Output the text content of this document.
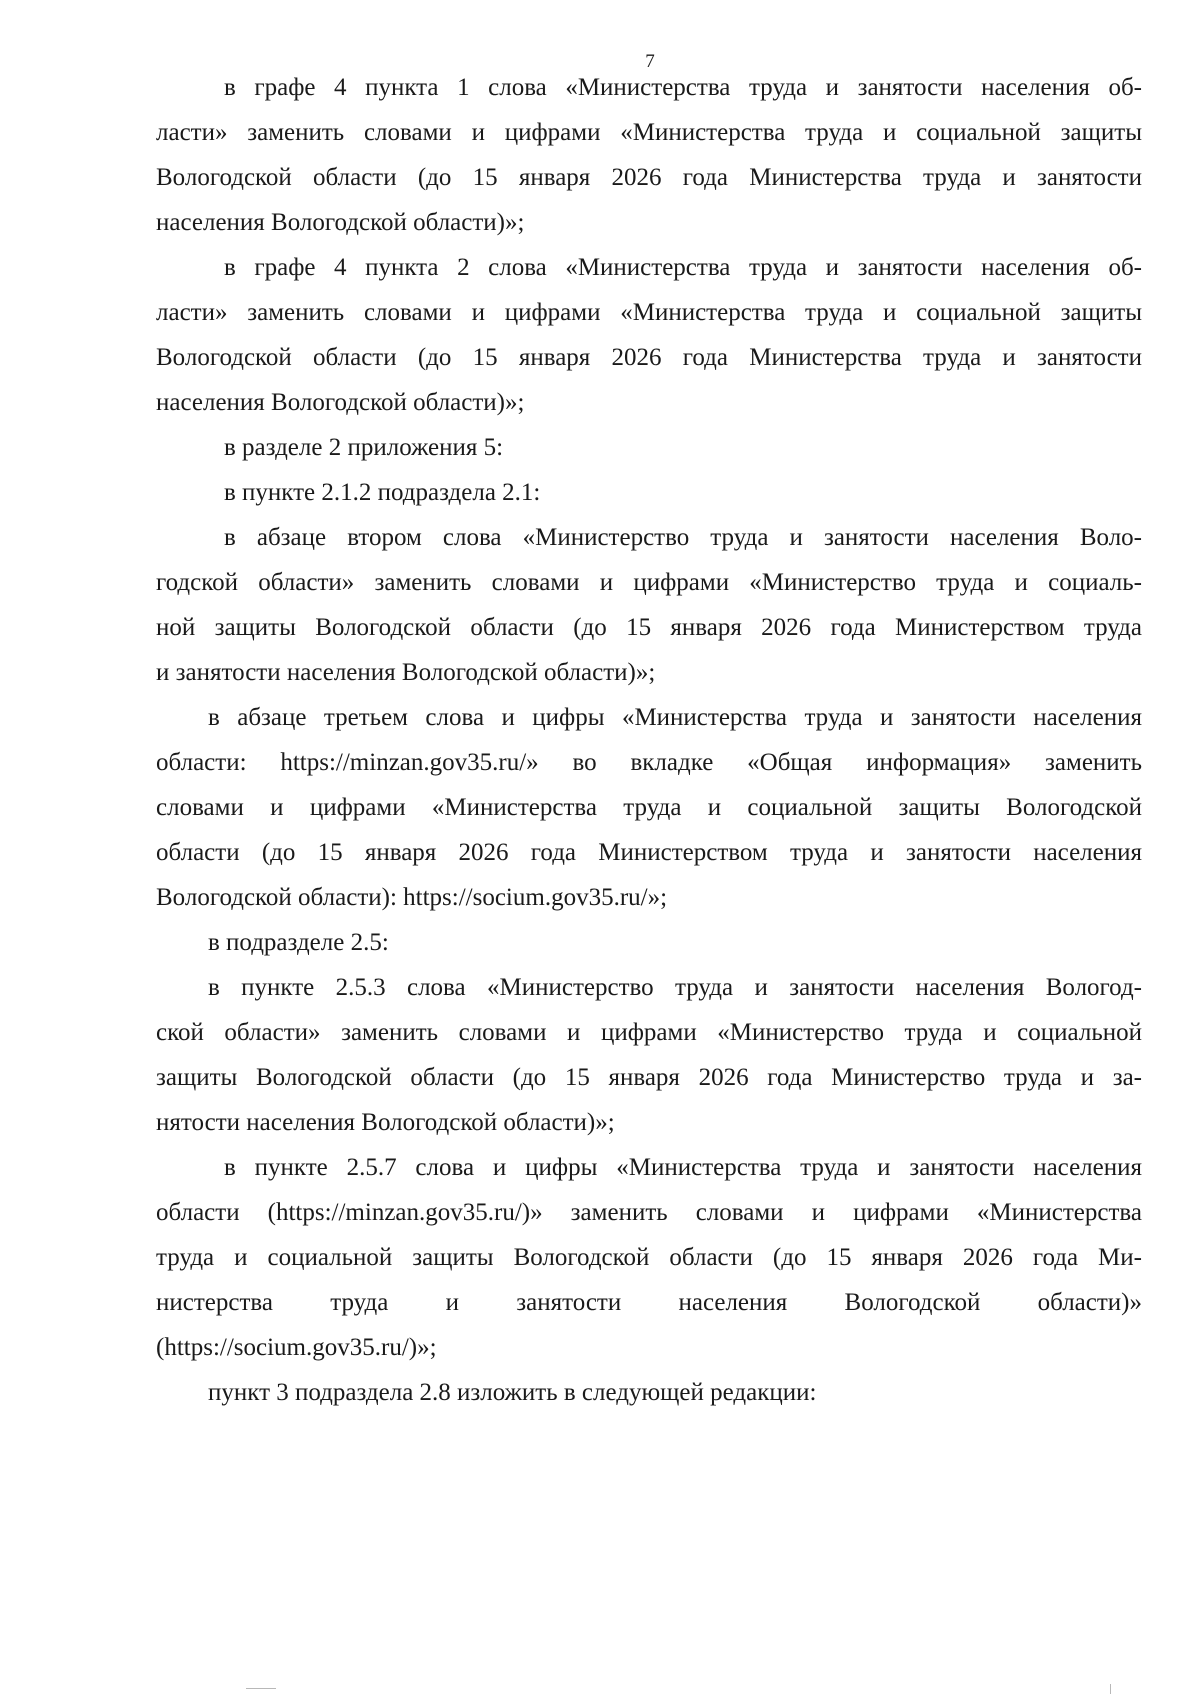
7
в графе 4 пункта 1 слова «Министерства труда и занятости населения об-
ласти» заменить словами и цифрами «Министерства труда и социальной защиты
Вологодской области (до 15 января 2026 года Министерства труда и занятости
населения Вологодской области)»;
в графе 4 пункта 2 слова «Министерства труда и занятости населения об-
ласти» заменить словами и цифрами «Министерства труда и социальной защиты
Вологодской области (до 15 января 2026 года Министерства труда и занятости
населения Вологодской области)»;
в разделе 2 приложения 5:
в пункте 2.1.2 подраздела 2.1:
в абзаце втором слова «Министерство труда и занятости населения Воло-
годской области» заменить словами и цифрами «Министерство труда и социаль-
ной защиты Вологодской области (до 15 января 2026 года Министерством труда
и занятости населения Вологодской области)»;
в абзаце третьем слова и цифры «Министерства труда и занятости населения
области: https://minzan.gov35.ru/» во вкладке «Общая информация» заменить
словами и цифрами «Министерства труда и социальной защиты Вологодской
области (до 15 января 2026 года Министерством труда и занятости населения
Вологодской области): https://socium.gov35.ru/»;
в подразделе 2.5:
в пункте 2.5.3 слова «Министерство труда и занятости населения Вологод-
ской области» заменить словами и цифрами «Министерство труда и социальной
защиты Вологодской области (до 15 января 2026 года Министерство труда и за-
нятости населения Вологодской области)»;
в пункте 2.5.7 слова и цифры «Министерства труда и занятости населения
области (https://minzan.gov35.ru/)» заменить словами и цифрами «Министерства
труда и социальной защиты Вологодской области (до 15 января 2026 года Ми-
нистерства труда и занятости населения Вологодской области)»
(https://socium.gov35.ru/)»;
пункт 3 подраздела 2.8 изложить в следующей редакции:
